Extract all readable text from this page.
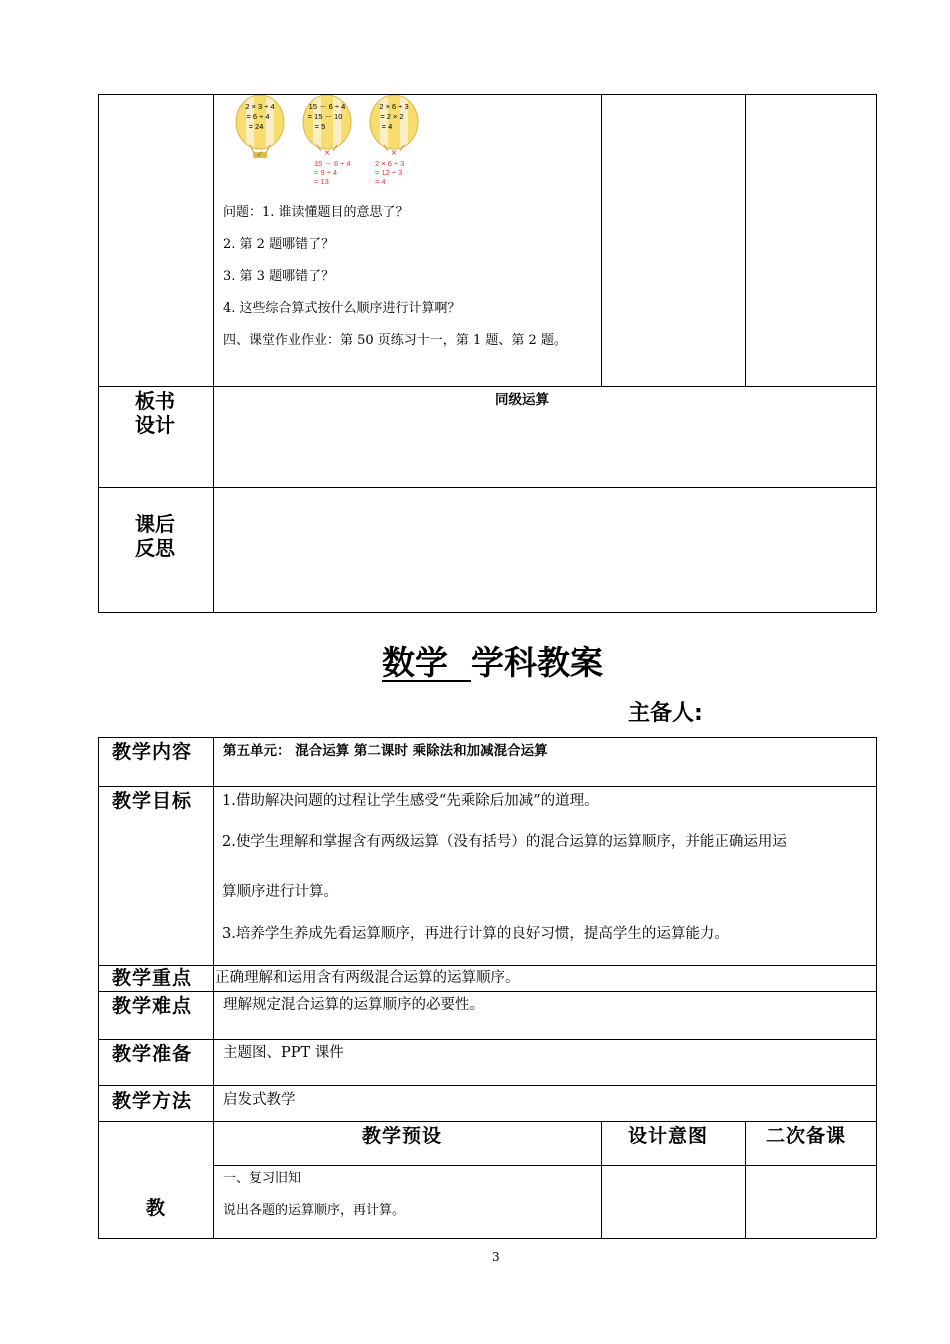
2 × 3 ÷ 4
= 6 ÷ 4
= 24
✓
15 － 6 ÷ 4
= 15 － 10
= 5
×
15 － 6 ÷ 4
= 9 ÷ 4
= 13
2 × 6 ÷ 3
= 2 × 2
= 4
×
2 × 6 ÷ 3
= 12 ÷ 3
= 4
问题：1. 谁读懂题目的意思了？
2. 第 2 题哪错了？
3. 第 3 题哪错了？
4. 这些综合算式按什么顺序进行计算啊？
四、课堂作业作业：第 50 页练习十一，第 1 题、第 2 题。
板书
设计
同级运算
课后
反思
数学 学科教案
主备人:
教学内容 第五单元： 混合运算 第二课时 乘除法和加减混合运算
教学目标 1.借助解决问题的过程让学生感受“先乘除后加减”的道理。
2.使学生理解和掌握含有两级运算（没有括号）的混合运算的运算顺序，并能正确运用运
算顺序进行计算。
3.培养学生养成先看运算顺序，再进行计算的良好习惯，提高学生的运算能力。
教学重点 正确理解和运用含有两级混合运算的运算顺序。
教学难点 理解规定混合运算的运算顺序的必要性。
教学准备 主题图、PPT 课件
教学方法 启发式教学
教学预设	设计意图	二次备课
教
一、复习旧知
说出各题的运算顺序，再计算。
3
